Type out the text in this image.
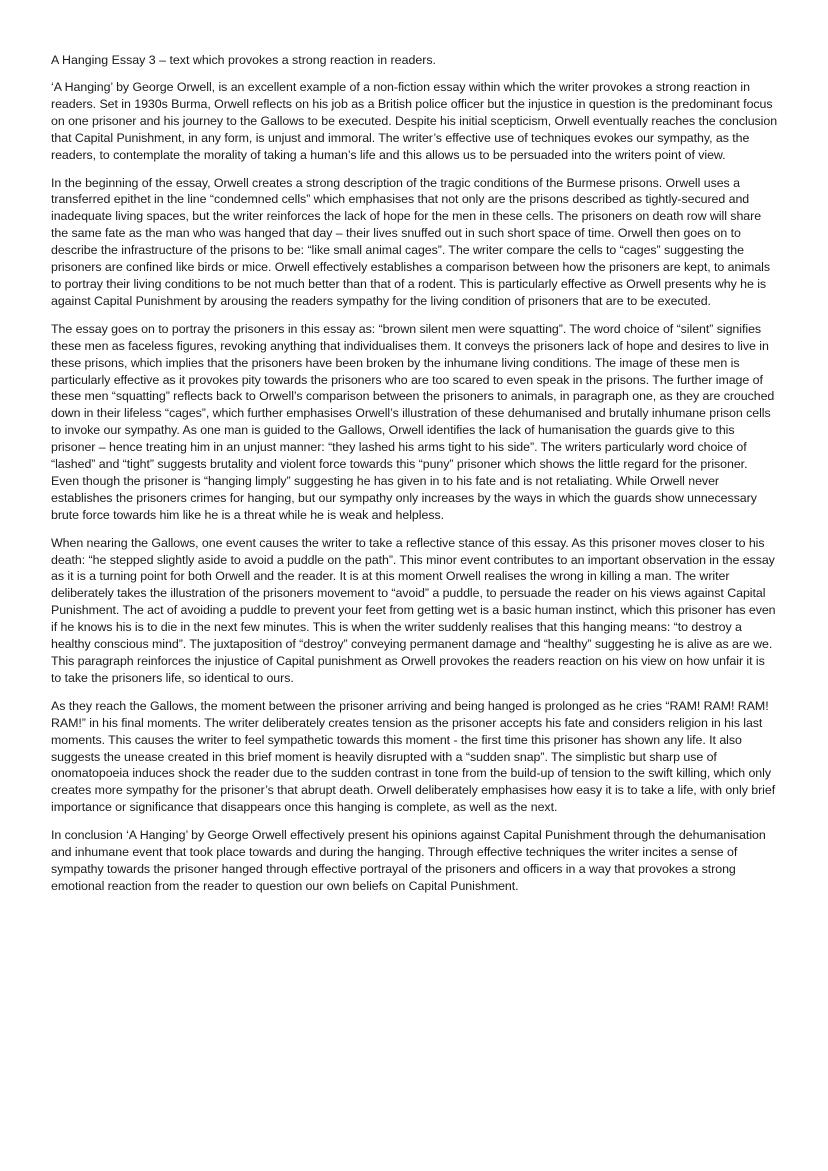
A Hanging Essay 3 – text which provokes a strong reaction in readers.

‘A Hanging’ by George Orwell, is an excellent example of a non-fiction essay within which the writer provokes a strong reaction in readers. Set in 1930s Burma, Orwell reflects on his job as a British police officer but the injustice in question is the predominant focus on one prisoner and his journey to the Gallows to be executed. Despite his initial scepticism, Orwell eventually reaches the conclusion that Capital Punishment, in any form, is unjust and immoral. The writer’s effective use of techniques evokes our sympathy, as the readers, to contemplate the morality of taking a human’s life and this allows us to be persuaded into the writers point of view.

In the beginning of the essay, Orwell creates a strong description of the tragic conditions of the Burmese prisons. Orwell uses a transferred epithet in the line “condemned cells” which emphasises that not only are the prisons described as tightly-secured and inadequate living spaces, but the writer reinforces the lack of hope for the men in these cells. The prisoners on death row will share the same fate as the man who was hanged that day – their lives snuffed out in such short space of time. Orwell then goes on to describe the infrastructure of the prisons to be: “like small animal cages”. The writer compare the cells to “cages” suggesting the prisoners are confined like birds or mice. Orwell effectively establishes a comparison between how the prisoners are kept, to animals to portray their living conditions to be not much better than that of a rodent. This is particularly effective as Orwell presents why he is against Capital Punishment by arousing the readers sympathy for the living condition of prisoners that are to be executed.

The essay goes on to portray the prisoners in this essay as: “brown silent men were squatting”. The word choice of “silent” signifies these men as faceless figures, revoking anything that individualises them. It conveys the prisoners lack of hope and desires to live in these prisons, which implies that the prisoners have been broken by the inhumane living conditions. The image of these men is particularly effective as it provokes pity towards the prisoners who are too scared to even speak in the prisons. The further image of these men “squatting” reflects back to Orwell’s comparison between the prisoners to animals, in paragraph one, as they are crouched down in their lifeless “cages”, which further emphasises Orwell’s illustration of these dehumanised and brutally inhumane prison cells to invoke our sympathy. As one man is guided to the Gallows, Orwell identifies the lack of humanisation the guards give to this prisoner – hence treating him in an unjust manner: “they lashed his arms tight to his side”. The writers particularly word choice of “lashed” and “tight” suggests brutality and violent force towards this “puny” prisoner which shows the little regard for the prisoner. Even though the prisoner is “hanging limply” suggesting he has given in to his fate and is not retaliating. While Orwell never establishes the prisoners crimes for hanging, but our sympathy only increases by the ways in which the guards show unnecessary brute force towards him like he is a threat while he is weak and helpless.

When nearing the Gallows, one event causes the writer to take a reflective stance of this essay. As this prisoner moves closer to his death: “he stepped slightly aside to avoid a puddle on the path”. This minor event contributes to an important observation in the essay as it is a turning point for both Orwell and the reader. It is at this moment Orwell realises the wrong in killing a man. The writer deliberately takes the illustration of the prisoners movement to “avoid” a puddle, to persuade the reader on his views against Capital Punishment. The act of avoiding a puddle to prevent your feet from getting wet is a basic human instinct, which this prisoner has even if he knows his is to die in the next few minutes. This is when the writer suddenly realises that this hanging means: “to destroy a healthy conscious mind”. The juxtaposition of “destroy” conveying permanent damage and “healthy” suggesting he is alive as are we. This paragraph reinforces the injustice of Capital punishment as Orwell provokes the readers reaction on his view on how unfair it is to take the prisoners life, so identical to ours.

As they reach the Gallows, the moment between the prisoner arriving and being hanged is prolonged as he cries “RAM! RAM! RAM! RAM!” in his final moments. The writer deliberately creates tension as the prisoner accepts his fate and considers religion in his last moments. This causes the writer to feel sympathetic towards this moment - the first time this prisoner has shown any life. It also suggests the unease created in this brief moment is heavily disrupted with a “sudden snap”. The simplistic but sharp use of onomatopoeia induces shock the reader due to the sudden contrast in tone from the build-up of tension to the swift killing, which only creates more sympathy for the prisoner’s that abrupt death. Orwell deliberately emphasises how easy it is to take a life, with only brief importance or significance that disappears once this hanging is complete, as well as the next.

In conclusion ‘A Hanging’ by George Orwell effectively present his opinions against Capital Punishment through the dehumanisation and inhumane event that took place towards and during the hanging. Through effective techniques the writer incites a sense of sympathy towards the prisoner hanged through effective portrayal of the prisoners and officers in a way that provokes a strong emotional reaction from the reader to question our own beliefs on Capital Punishment.
